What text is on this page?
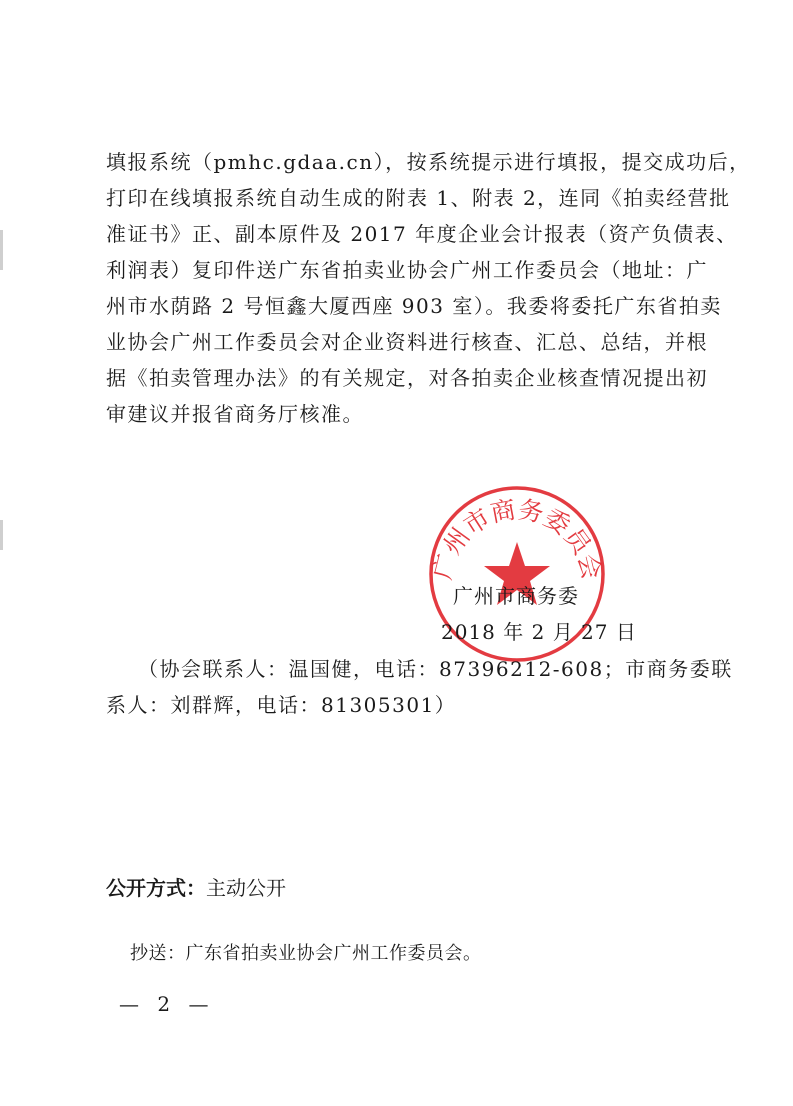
填报系统（pmhc.gdaa.cn），按系统提示进行填报，提交成功后，
打印在线填报系统自动生成的附表 1、附表 2，连同《拍卖经营批
准证书》正、副本原件及 2017 年度企业会计报表（资产负债表、
利润表）复印件送广东省拍卖业协会广州工作委员会（地址：广
州市水荫路 2 号恒鑫大厦西座 903 室）。我委将委托广东省拍卖
业协会广州工作委员会对企业资料进行核查、汇总、总结，并根
据《拍卖管理办法》的有关规定，对各拍卖企业核查情况提出初
审建议并报省商务厅核准。
广州市商务委员会
广州市商务委
2018 年 2 月 27 日
（协会联系人：温国健，电话：87396212-608；市商务委联
系人：刘群辉，电话：81305301）
公开方式：主动公开
抄送：广东省拍卖业协会广州工作委员会。
— 2 —
